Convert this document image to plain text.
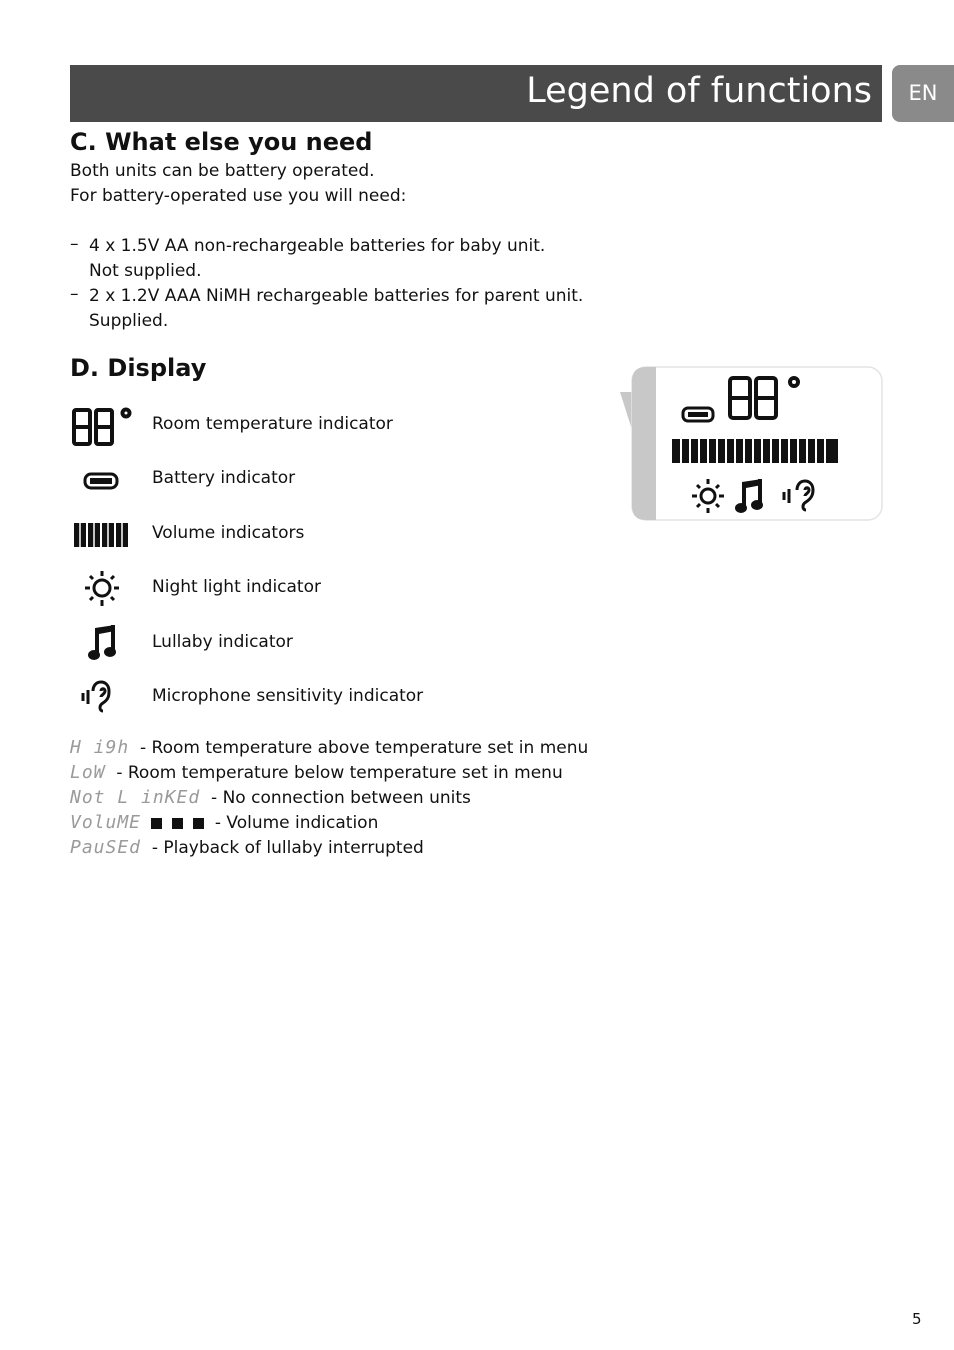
Legend of functions	EN
C. What else you need
Both units can be battery operated.
For battery-operated use you will need:
– 4 x 1.5V AA non-rechargeable batteries for baby unit.
Not supplied.
– 2 x 1.2V AAA NiMH rechargeable batteries for parent unit.
Supplied.
D. Display
Room temperature indicator
Battery indicator
Volume indicators
Night light indicator
Lullaby indicator
Microphone sensitivity indicator
H i9h - Room temperature above temperature set in menu
LoW - Room temperature below temperature set in menu
Not L inKEd - No connection between units
VoluME	- Volume indication
PauSEd - Playback of lullaby interrupted
5
